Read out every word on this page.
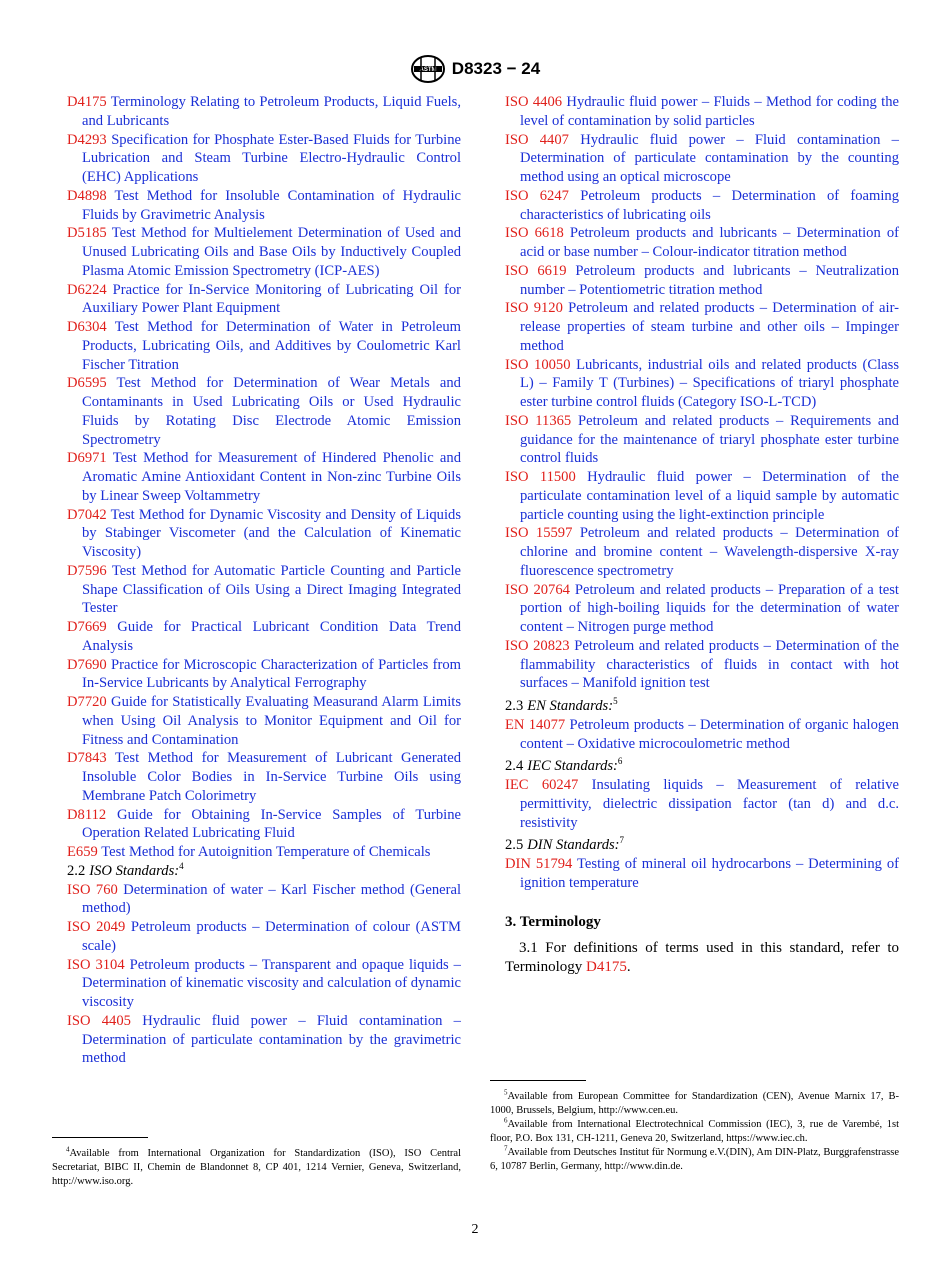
ASTM D8323 − 24

D4175 Terminology Relating to Petroleum Products, Liquid Fuels, and Lubricants

D4293 Specification for Phosphate Ester-Based Fluids for Turbine Lubrication and Steam Turbine Electro-Hydraulic Control (EHC) Applications

D4898 Test Method for Insoluble Contamination of Hydraulic Fluids by Gravimetric Analysis

D5185 Test Method for Multielement Determination of Used and Unused Lubricating Oils and Base Oils by Inductively Coupled Plasma Atomic Emission Spectrometry (ICP-AES)

D6224 Practice for In-Service Monitoring of Lubricating Oil for Auxiliary Power Plant Equipment

D6304 Test Method for Determination of Water in Petroleum Products, Lubricating Oils, and Additives by Coulometric Karl Fischer Titration

D6595 Test Method for Determination of Wear Metals and Contaminants in Used Lubricating Oils or Used Hydraulic Fluids by Rotating Disc Electrode Atomic Emission Spectrometry

D6971 Test Method for Measurement of Hindered Phenolic and Aromatic Amine Antioxidant Content in Non-zinc Turbine Oils by Linear Sweep Voltammetry

D7042 Test Method for Dynamic Viscosity and Density of Liquids by Stabinger Viscometer (and the Calculation of Kinematic Viscosity)

D7596 Test Method for Automatic Particle Counting and Particle Shape Classification of Oils Using a Direct Imaging Integrated Tester

D7669 Guide for Practical Lubricant Condition Data Trend Analysis

D7690 Practice for Microscopic Characterization of Particles from In-Service Lubricants by Analytical Ferrography

D7720 Guide for Statistically Evaluating Measurand Alarm Limits when Using Oil Analysis to Monitor Equipment and Oil for Fitness and Contamination

D7843 Test Method for Measurement of Lubricant Generated Insoluble Color Bodies in In-Service Turbine Oils using Membrane Patch Colorimetry

D8112 Guide for Obtaining In-Service Samples of Turbine Operation Related Lubricating Fluid

E659 Test Method for Autoignition Temperature of Chemicals

2.2 ISO Standards:$^4$

ISO 760 Determination of water – Karl Fischer method (General method)

ISO 2049 Petroleum products – Determination of colour (ASTM scale)

ISO 3104 Petroleum products – Transparent and opaque liquids – Determination of kinematic viscosity and calculation of dynamic viscosity

ISO 4405 Hydraulic fluid power – Fluid contamination – Determination of particulate contamination by the gravimetric method

ISO 4406 Hydraulic fluid power – Fluids – Method for coding the level of contamination by solid particles

ISO 4407 Hydraulic fluid power – Fluid contamination – Determination of particulate contamination by the counting method using an optical microscope

ISO 6247 Petroleum products – Determination of foaming characteristics of lubricating oils

ISO 6618 Petroleum products and lubricants – Determination of acid or base number – Colour-indicator titration method

ISO 6619 Petroleum products and lubricants – Neutralization number – Potentiometric titration method

ISO 9120 Petroleum and related products – Determination of air-release properties of steam turbine and other oils – Impinger method

ISO 10050 Lubricants, industrial oils and related products (Class L) – Family T (Turbines) – Specifications of triaryl phosphate ester turbine control fluids (Category ISO-L-TCD)

ISO 11365 Petroleum and related products – Requirements and guidance for the maintenance of triaryl phosphate ester turbine control fluids

ISO 11500 Hydraulic fluid power – Determination of the particulate contamination level of a liquid sample by automatic particle counting using the light-extinction principle

ISO 15597 Petroleum and related products – Determination of chlorine and bromine content – Wavelength-dispersive X-ray fluorescence spectrometry

ISO 20764 Petroleum and related products – Preparation of a test portion of high-boiling liquids for the determination of water content – Nitrogen purge method

ISO 20823 Petroleum and related products – Determination of the flammability characteristics of fluids in contact with hot surfaces – Manifold ignition test

2.3 EN Standards:$^5$

EN 14077 Petroleum products – Determination of organic halogen content – Oxidative microcoulometric method

2.4 IEC Standards:$^6$

IEC 60247 Insulating liquids – Measurement of relative permittivity, dielectric dissipation factor (tan d) and d.c. resistivity

2.5 DIN Standards:$^7$

DIN 51794 Testing of mineral oil hydrocarbons – Determining of ignition temperature

3. Terminology

3.1 For definitions of terms used in this standard, refer to Terminology D4175.

$^4$Available from International Organization for Standardization (ISO), ISO Central Secretariat, BIBC II, Chemin de Blandonnet 8, CP 401, 1214 Vernier, Geneva, Switzerland, http://www.iso.org.

$^5$Available from European Committee for Standardization (CEN), Avenue Marnix 17, B-1000, Brussels, Belgium, http://www.cen.eu.

$^6$Available from International Electrotechnical Commission (IEC), 3, rue de Varembé, 1st floor, P.O. Box 131, CH-1211, Geneva 20, Switzerland, https://www.iec.ch.

$^7$Available from Deutsches Institut für Normung e.V.(DIN), Am DIN-Platz, Burggrafenstrasse 6, 10787 Berlin, Germany, http://www.din.de.

2
